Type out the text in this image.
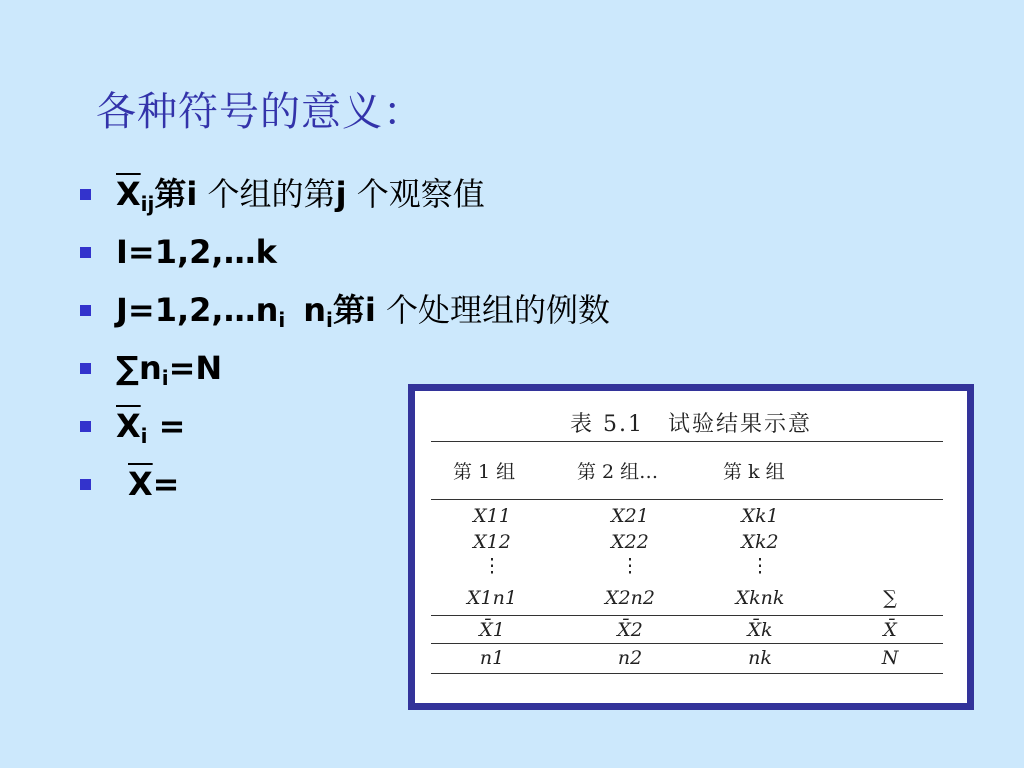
各种符号的意义：
$\overline{X}_{ij}$第i 个组的第j 个观察值
I=1,2,…k
$J=1,2,\dots n_i$ $n_i$第i 个处理组的例数
$\sum n_i=N$
$\overline{X}_i$ =
$\overline{X}=$
表 5.1　试验结果示意
第 1 组	第 2 组…	第 k 组
X11	X21	Xk1
X12	X22	Xk2
⋮	⋮	⋮
X1n1	X2n2	Xknk	∑
X̄1	X̄2	X̄k	X̄
n1	n2	nk	N
